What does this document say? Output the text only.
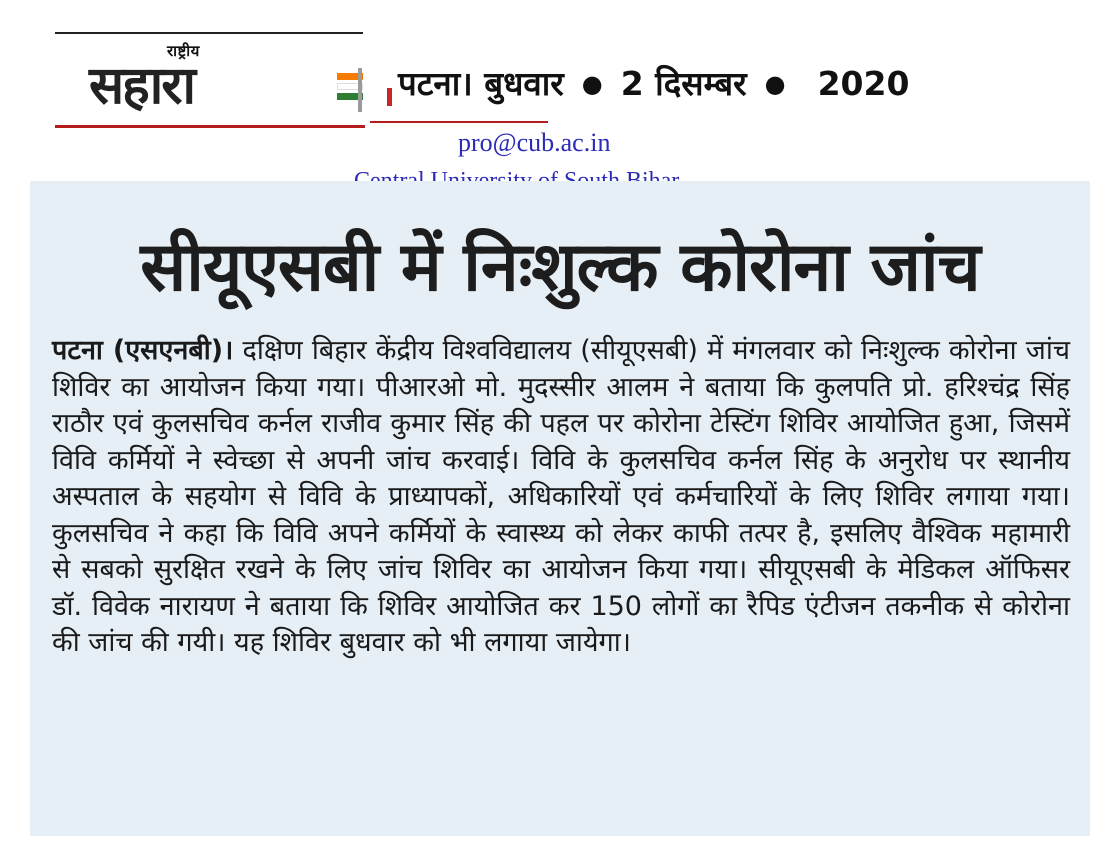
राष्ट्रीय
सहारा	पटना। बुधवार ● 2 दिसम्बर ● 2020
pro@cub.ac.in
सीयूएसबी में निःशुल्क कोरोना जांच
पटना (एसएनबी)। दक्षिण बिहार केंद्रीय विश्वविद्यालय (सीयूएसबी) में मंगलवार को निःशुल्क कोरोना जांच शिविर का आयोजन किया गया। पीआरओ मो. मुदस्सीर आलम ने बताया कि कुलपति प्रो. हरिश्चंद्र सिंह राठौर एवं कुलसचिव कर्नल राजीव कुमार सिंह की पहल पर कोरोना टेस्टिंग शिविर आयोजित हुआ, जिसमें विवि कर्मियों ने स्वेच्छा से अपनी जांच करवाई। विवि के कुलसचिव कर्नल सिंह के अनुरोध पर स्थानीय अस्पताल के सहयोग से विवि के प्राध्यापकों, अधिकारियों एवं कर्मचारियों के लिए शिविर लगाया गया। कुलसचिव ने कहा कि विवि अपने कर्मियों के स्वास्थ्य को लेकर काफी तत्पर है, इसलिए वैश्विक महामारी से सबको सुरक्षित रखने के लिए जांच शिविर का आयोजन किया गया। सीयूएसबी के मेडिकल ऑफिसर डॉ. विवेक नारायण ने बताया कि शिविर आयोजित कर 150 लोगों का रैपिड एंटीजन तकनीक से कोरोना की जांच की गयी। यह शिविर बुधवार को भी लगाया जायेगा।
